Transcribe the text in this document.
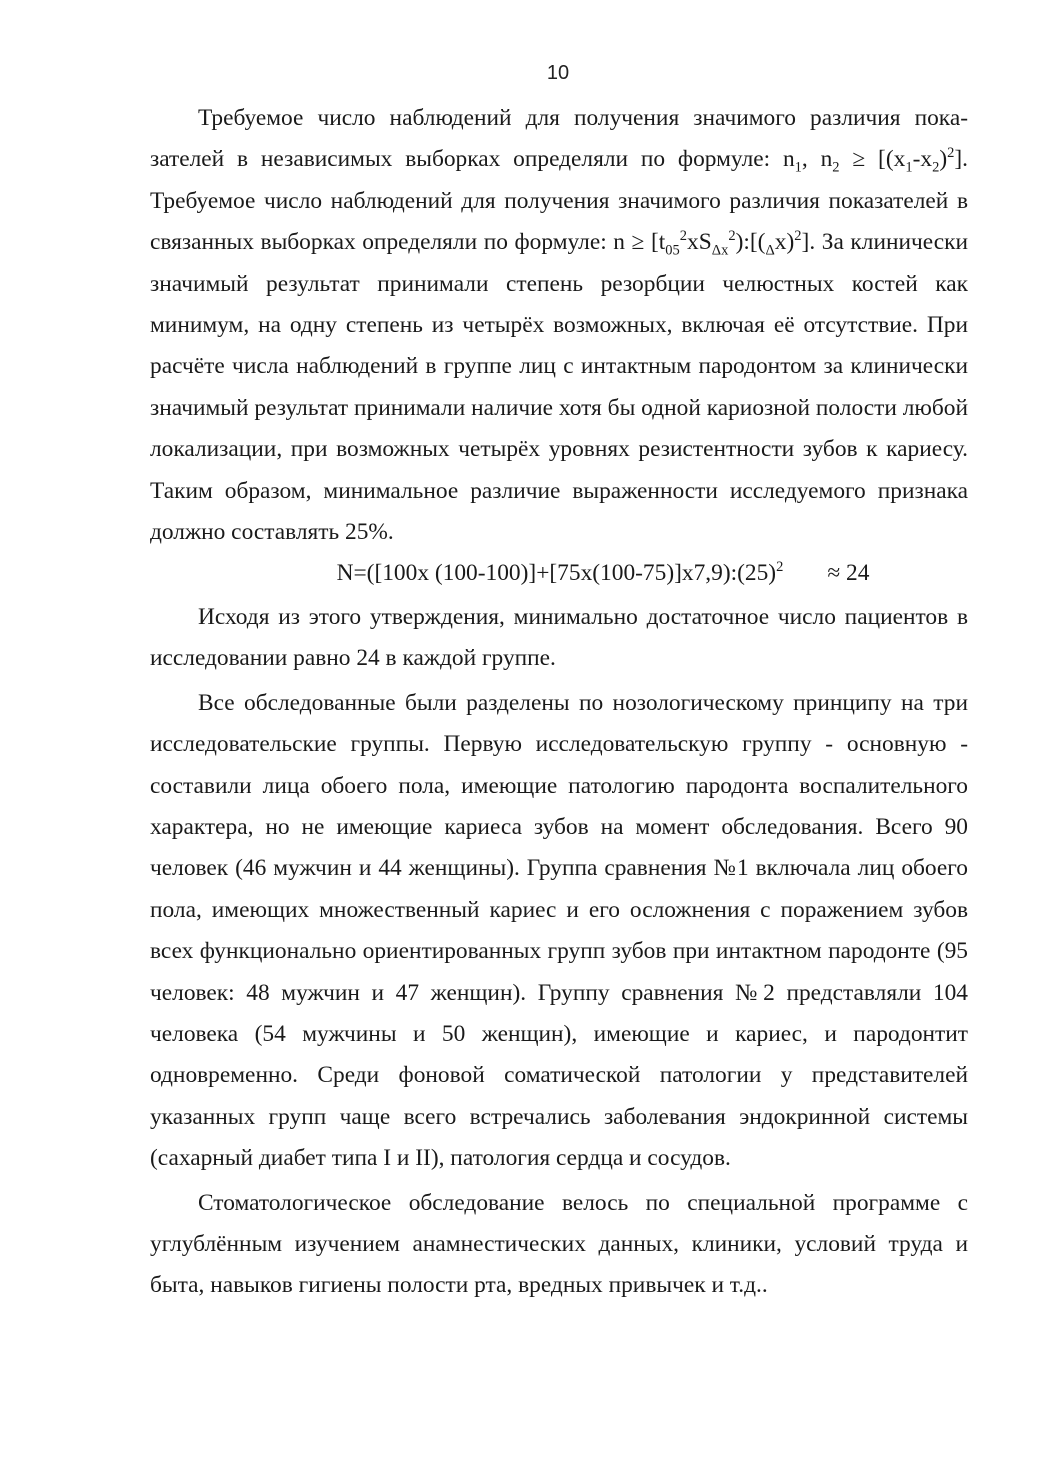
10

Требуемое число наблюдений для получения значимого различия показателей в независимых выборках определяли по формуле: $n_1$, $n_2 \ge [(x_1-x_2)^2]$. Требуемое число наблюдений для получения значимого различия показателей в связанных выборках определяли по формуле: $n \ge [t_{05}^2xS_{\Delta x}^2):[(_\Delta x)^2]$. За клинически значимый результат принимали степень резорбции челюстных костей как минимум, на одну степень из четырёх возможных, включая её отсутствие. При расчёте числа наблюдений в группе лиц с интактным пародонтом за клинически значимый результат принимали наличие хотя бы одной кариозной полости любой локализации, при возможных четырёх уровнях резистентности зубов к кариесу. Таким образом, минимальное различие выраженности исследуемого признака должно составлять 25%.

N=([100x $(100-100)]+[75x(100-75)]x7,9):(25)^2\approx 24$

Исходя из этого утверждения, минимально достаточное число пациентов в исследовании равно 24 в каждой группе.

Все обследованные были разделены по нозологическому принципу на три исследовательские группы. Первую исследовательскую группу - основную - составили лица обоего пола, имеющие патологию пародонта воспалительного характера, но не имеющие кариеса зубов на момент обследования. Всего 90 человек (46 мужчин и 44 женщины). Группа сравнения №1 включала лиц обоего пола, имеющих множественный кариес и его осложнения с поражением зубов всех функционально ориентированных групп зубов при интактном пародонте (95 человек: 48 мужчин и 47 женщин). Группу сравнения №2 представляли 104 человека (54 мужчины и 50 женщин), имеющие и кариес, и пародонтит одновременно. Среди фоновой соматической патологии у представителей указанных групп чаще всего встречались заболевания эндокринной системы (сахарный диабет типа I и II), патология сердца и сосудов.

Стоматологическое обследование велось по специальной программе с углублённым изучением анамнестических данных, клиники, условий труда и быта, навыков гигиены полости рта, вредных привычек и т.д..
